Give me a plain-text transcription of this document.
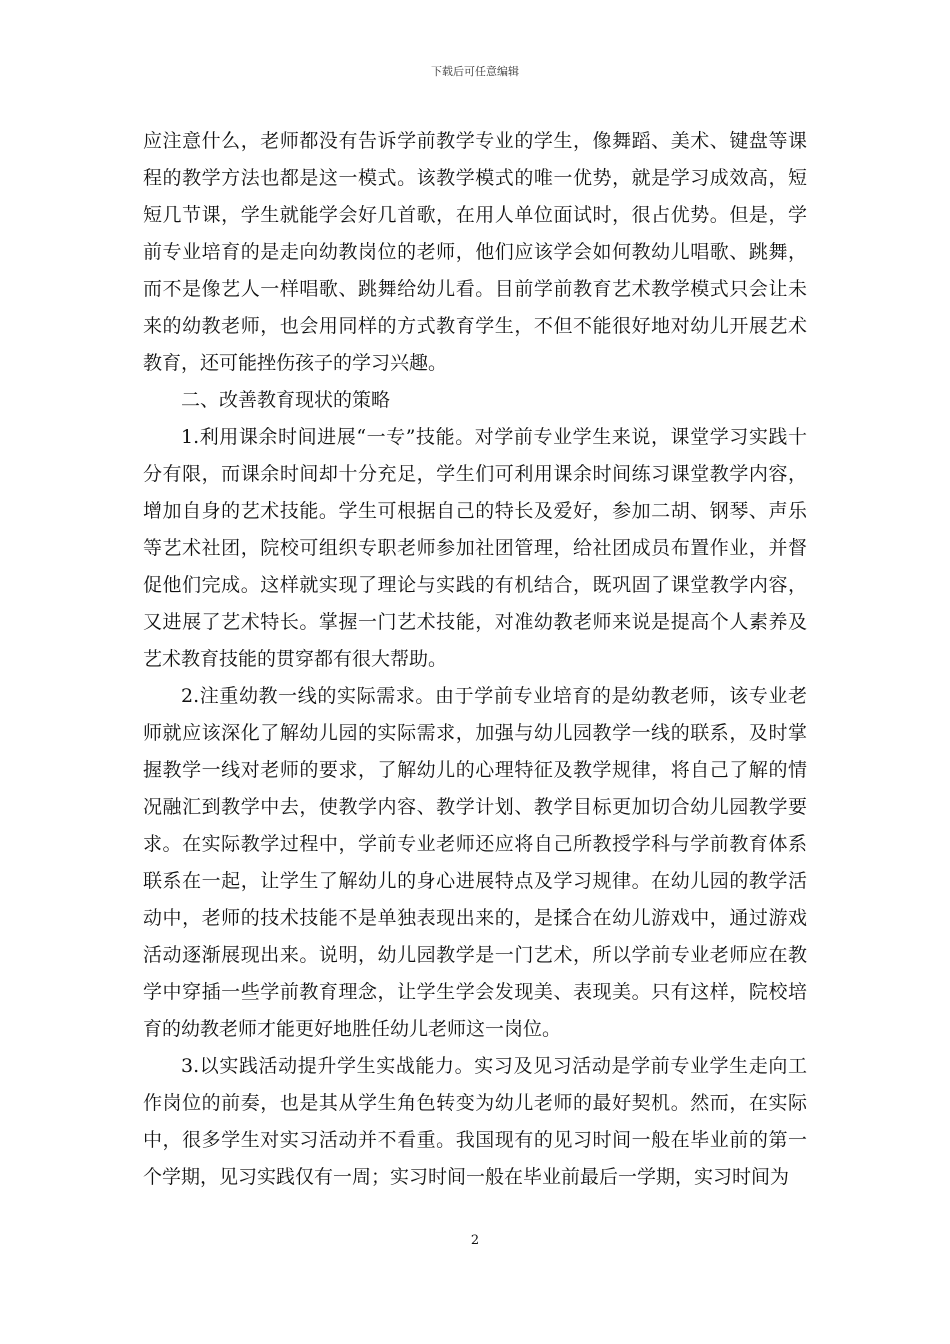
下载后可任意编辑

应注意什么，老师都没有告诉学前教学专业的学生，像舞蹈、美术、键盘等课程的教学方法也都是这一模式。该教学模式的唯一优势，就是学习成效高，短短几节课，学生就能学会好几首歌，在用人单位面试时，很占优势。但是，学前专业培育的是走向幼教岗位的老师，他们应该学会如何教幼儿唱歌、跳舞，而不是像艺人一样唱歌、跳舞给幼儿看。目前学前教育艺术教学模式只会让未来的幼教老师，也会用同样的方式教育学生，不但不能很好地对幼儿开展艺术教育，还可能挫伤孩子的学习兴趣。

二、改善教育现状的策略

1.利用课余时间进展“一专”技能。对学前专业学生来说，课堂学习实践十分有限，而课余时间却十分充足，学生们可利用课余时间练习课堂教学内容，增加自身的艺术技能。学生可根据自己的特长及爱好，参加二胡、钢琴、声乐等艺术社团，院校可组织专职老师参加社团管理，给社团成员布置作业，并督促他们完成。这样就实现了理论与实践的有机结合，既巩固了课堂教学内容，又进展了艺术特长。掌握一门艺术技能，对准幼教老师来说是提高个人素养及艺术教育技能的贯穿都有很大帮助。

2.注重幼教一线的实际需求。由于学前专业培育的是幼教老师，该专业老师就应该深化了解幼儿园的实际需求，加强与幼儿园教学一线的联系，及时掌握教学一线对老师的要求，了解幼儿的心理特征及教学规律，将自己了解的情况融汇到教学中去，使教学内容、教学计划、教学目标更加切合幼儿园教学要求。在实际教学过程中，学前专业老师还应将自己所教授学科与学前教育体系联系在一起，让学生了解幼儿的身心进展特点及学习规律。在幼儿园的教学活动中，老师的技术技能不是单独表现出来的，是揉合在幼儿游戏中，通过游戏活动逐渐展现出来。说明，幼儿园教学是一门艺术，所以学前专业老师应在教学中穿插一些学前教育理念，让学生学会发现美、表现美。只有这样，院校培育的幼教老师才能更好地胜任幼儿老师这一岗位。

3.以实践活动提升学生实战能力。实习及见习活动是学前专业学生走向工作岗位的前奏，也是其从学生角色转变为幼儿老师的最好契机。然而，在实际中，很多学生对实习活动并不看重。我国现有的见习时间一般在毕业前的第一个学期，见习实践仅有一周；实习时间一般在毕业前最后一学期，实习时间为

2
